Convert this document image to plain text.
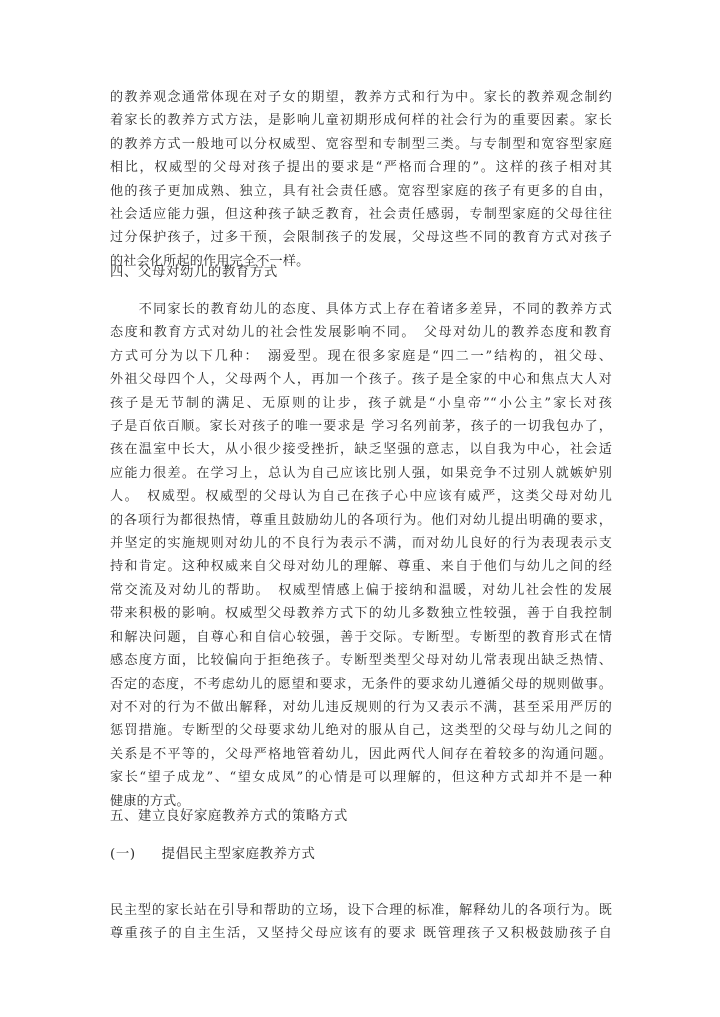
的教养观念通常体现在对子女的期望，教养方式和行为中。家长的教养观念制约
着家长的教养方式方法，是影响儿童初期形成何样的社会行为的重要因素。家长
的教养方式一般地可以分权威型、宽容型和专制型三类。与专制型和宽容型家庭
相比，权威型的父母对孩子提出的要求是“严格而合理的”。这样的孩子相对其
他的孩子更加成熟、独立，具有社会责任感。宽容型家庭的孩子有更多的自由，
社会适应能力强，但这种孩子缺乏教育，社会责任感弱，专制型家庭的父母往往
过分保护孩子，过多干预，会限制孩子的发展，父母这些不同的教育方式对孩子
的社会化所起的作用完全不一样。
四、父母对幼儿的教育方式
　　不同家长的教育幼儿的态度、具体方式上存在着诸多差异，不同的教养方式
态度和教育方式对幼儿的社会性发展影响不同。　父母对幼儿的教养态度和教育
方式可分为以下几种：　溺爱型。现在很多家庭是“四二一”结构的，祖父母、
外祖父母四个人，父母两个人，再加一个孩子。孩子是全家的中心和焦点大人对
孩子是无节制的满足、无原则的让步，孩子就是“小皇帝”“小公主”家长对孩
子是百依百顺。家长对孩子的唯一要求是 学习名列前茅，孩子的一切我包办了，
孩在温室中长大，从小很少接受挫折，缺乏坚强的意志，以自我为中心，社会适
应能力很差。在学习上，总认为自己应该比别人强，如果竞争不过别人就嫉妒别
人。　权威型。权威型的父母认为自己在孩子心中应该有威严，这类父母对幼儿
的各项行为都很热情，尊重且鼓励幼儿的各项行为。他们对幼儿提出明确的要求，
并坚定的实施规则对幼儿的不良行为表示不满，而对幼儿良好的行为表现表示支
持和肯定。这种权威来自父母对幼儿的理解、尊重、来自于他们与幼儿之间的经
常交流及对幼儿的帮助。　权威型情感上偏于接纳和温暖，对幼儿社会性的发展
带来积极的影响。权威型父母教养方式下的幼儿多数独立性较强，善于自我控制
和解决问题，自尊心和自信心较强，善于交际。专断型。专断型的教育形式在情
感态度方面，比较偏向于拒绝孩子。专断型类型父母对幼儿常表现出缺乏热情、
否定的态度，不考虑幼儿的愿望和要求，无条件的要求幼儿遵循父母的规则做事。
对不对的行为不做出解释，对幼儿违反规则的行为又表示不满，甚至采用严厉的
惩罚措施。专断型的父母要求幼儿绝对的服从自己，这类型的父母与幼儿之间的
关系是不平等的，父母严格地管着幼儿，因此两代人间存在着较多的沟通问题。
家长“望子成龙”、“望女成凤”的心情是可以理解的，但这种方式却并不是一种
健康的方式。
五、建立良好家庭教养方式的策略方式
(一) 提倡民主型家庭教养方式
民主型的家长站在引导和帮助的立场，设下合理的标准，解释幼儿的各项行为。既
尊重孩子的自主生活，又坚持父母应该有的要求 既管理孩子又积极鼓励孩子自
